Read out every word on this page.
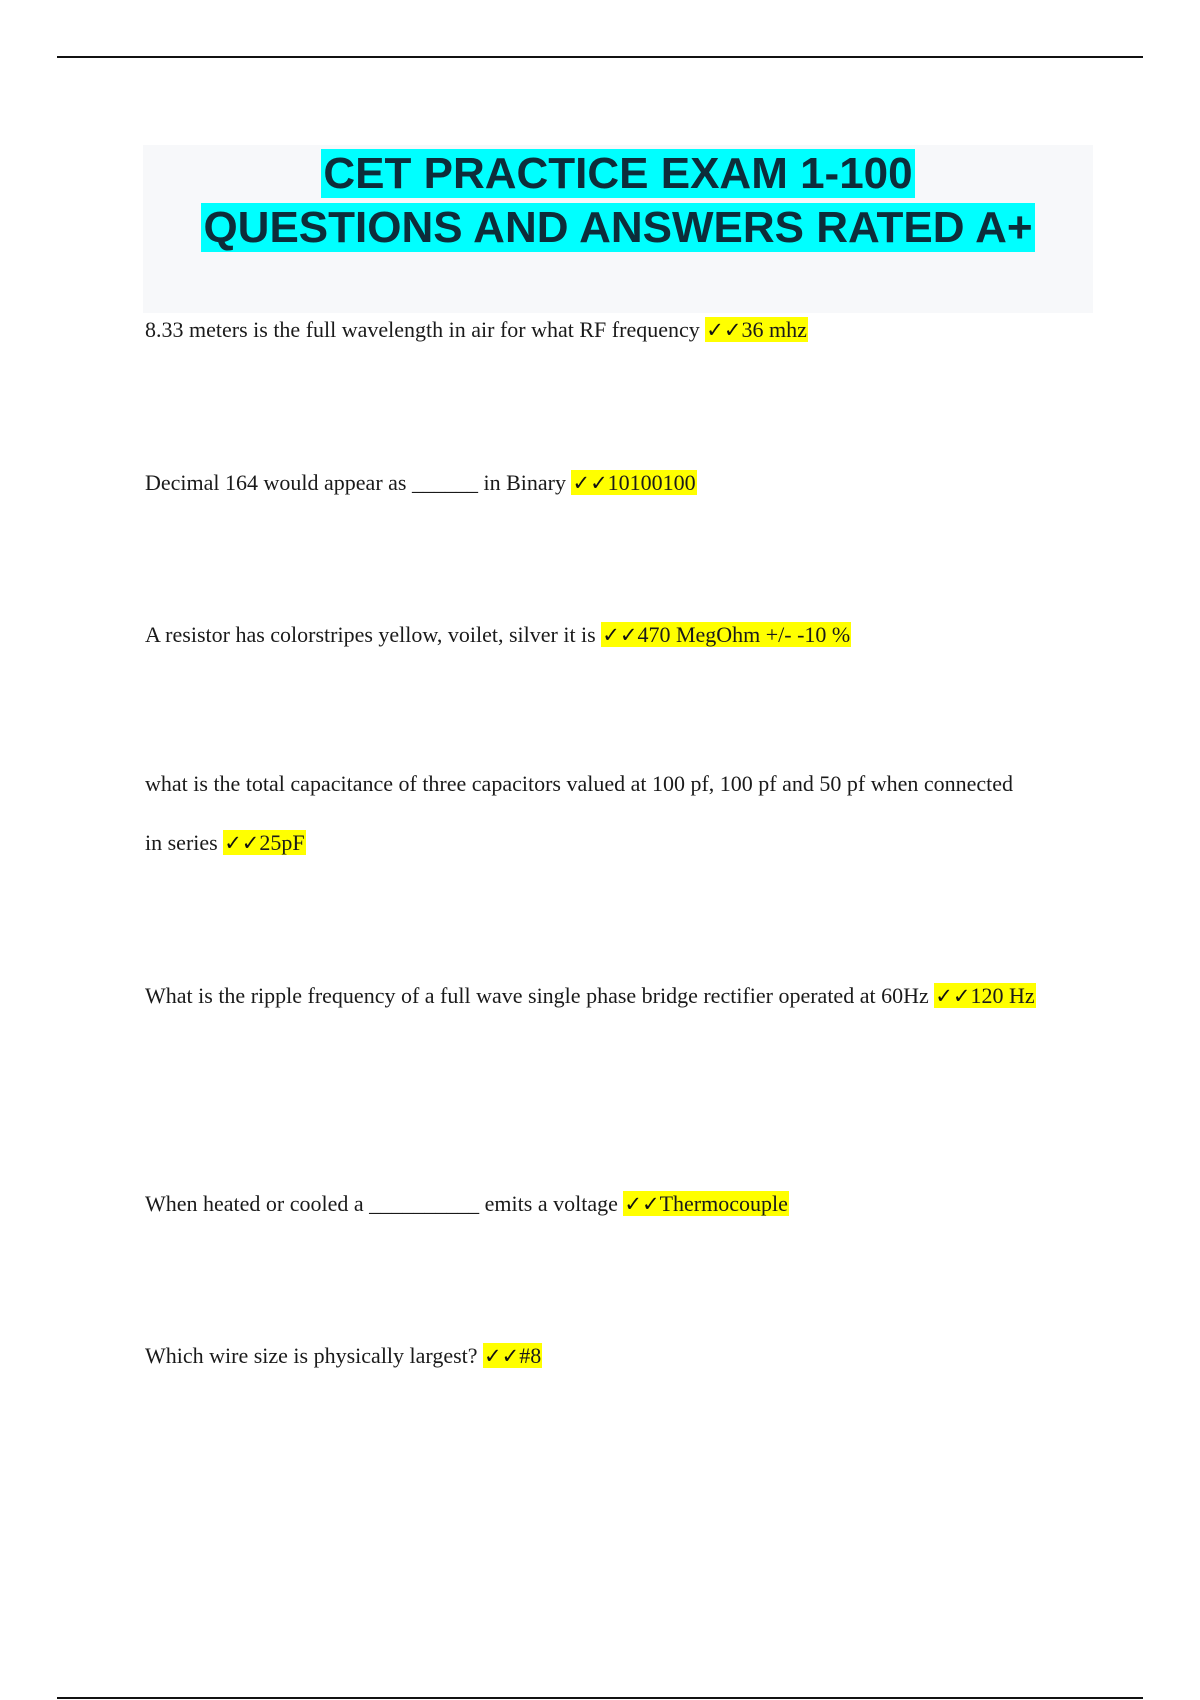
CET PRACTICE EXAM 1-100
QUESTIONS AND ANSWERS RATED A+

8.33 meters is the full wavelength in air for what RF frequency ✓✓36 mhz

Decimal 164 would appear as ______ in Binary ✓✓10100100

A resistor has colorstripes yellow, voilet, silver it is ✓✓470 MegOhm +/- -10 %

what is the total capacitance of three capacitors valued at 100 pf, 100 pf and 50 pf when connected in series ✓✓25pF

What is the ripple frequency of a full wave single phase bridge rectifier operated at 60Hz ✓✓120 Hz

When heated or cooled a __________ emits a voltage ✓✓Thermocouple

Which wire size is physically largest? ✓✓#8
